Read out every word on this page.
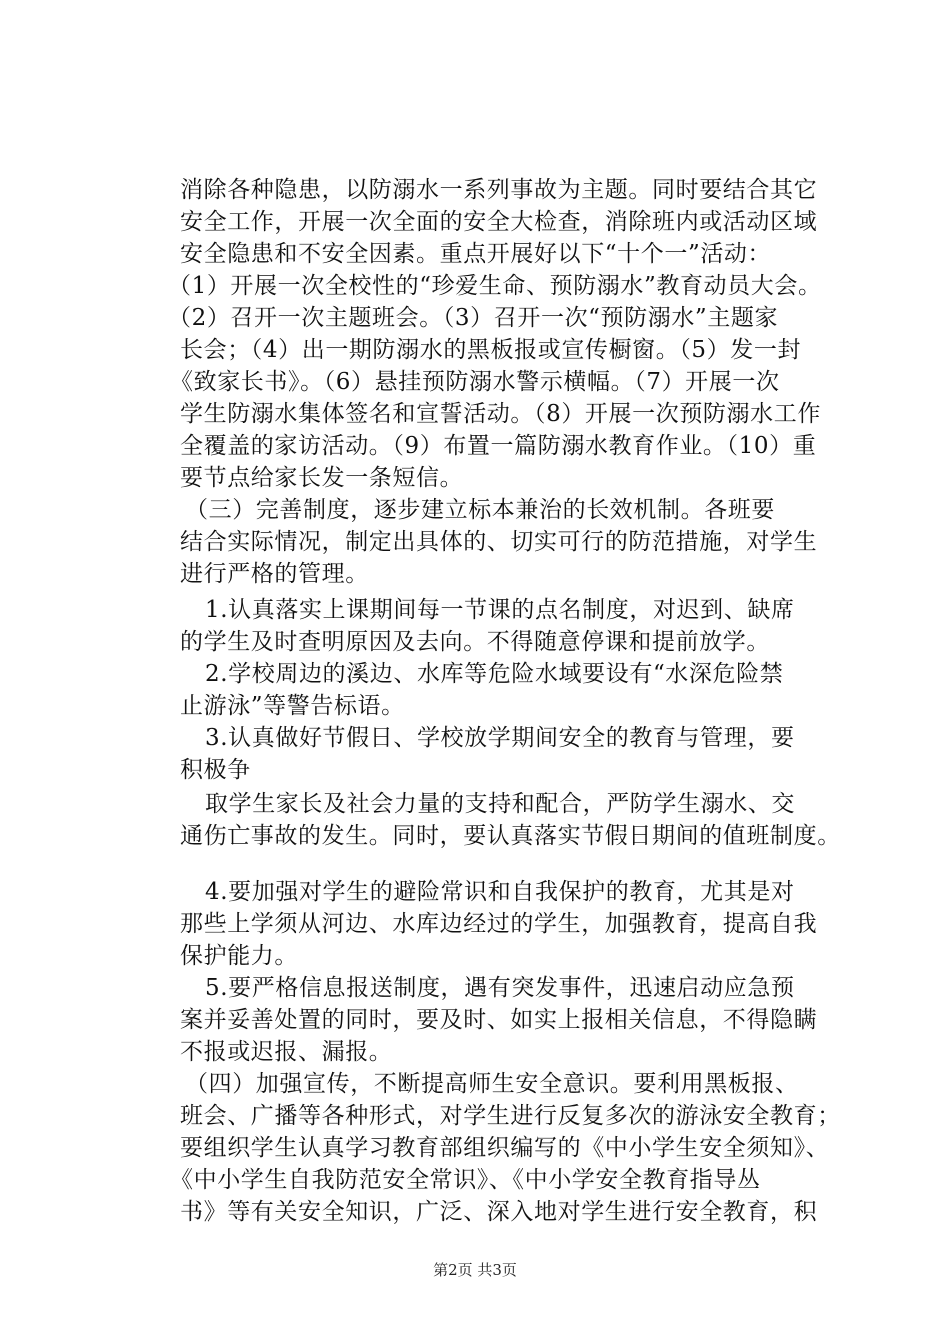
消除各种隐患，以防溺水一系列事故为主题。同时要结合其它
安全工作，开展一次全面的安全大检查，消除班内或活动区域
安全隐患和不安全因素。重点开展好以下“十个一”活动：
（1）开展一次全校性的“珍爱生命、预防溺水”教育动员大会。
（2）召开一次主题班会。（3）召开一次“预防溺水”主题家
长会；（4）出一期防溺水的黑板报或宣传橱窗。（5）发一封
《致家长书》。（6）悬挂预防溺水警示横幅。（7）开展一次
学生防溺水集体签名和宣誓活动。（8）开展一次预防溺水工作
全覆盖的家访活动。（9）布置一篇防溺水教育作业。（10）重
要节点给家长发一条短信。
（三）完善制度，逐步建立标本兼治的长效机制。各班要
结合实际情况，制定出具体的、切实可行的防范措施，对学生
进行严格的管理。
1.认真落实上课期间每一节课的点名制度，对迟到、缺席
的学生及时查明原因及去向。不得随意停课和提前放学。
2.学校周边的溪边、水库等危险水域要设有“水深危险禁
止游泳”等警告标语。
3.认真做好节假日、学校放学期间安全的教育与管理，要
积极争
取学生家长及社会力量的支持和配合，严防学生溺水、交
通伤亡事故的发生。同时，要认真落实节假日期间的值班制度。
4.要加强对学生的避险常识和自我保护的教育，尤其是对
那些上学须从河边、水库边经过的学生，加强教育，提高自我
保护能力。
5.要严格信息报送制度，遇有突发事件，迅速启动应急预
案并妥善处置的同时，要及时、如实上报相关信息，不得隐瞒
不报或迟报、漏报。
（四）加强宣传，不断提高师生安全意识。要利用黑板报、
班会、广播等各种形式，对学生进行反复多次的游泳安全教育；
要组织学生认真学习教育部组织编写的《中小学生安全须知》、
《中小学生自我防范安全常识》、《中小学安全教育指导丛
书》等有关安全知识，广泛、深入地对学生进行安全教育，积
第2页 共3页
